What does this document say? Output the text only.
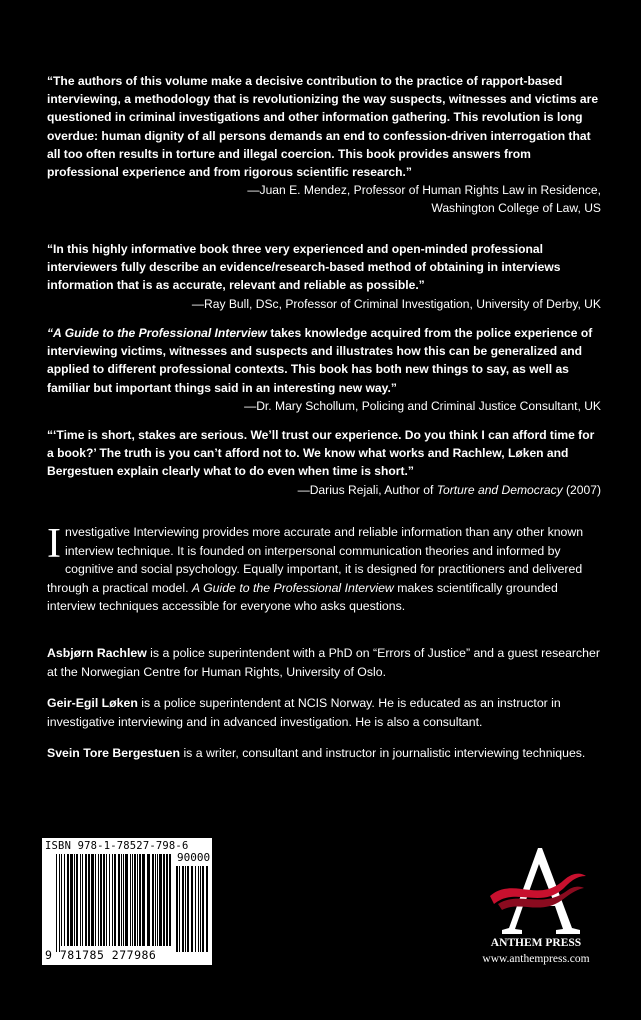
“The authors of this volume make a decisive contribution to the practice of rapport-based interviewing, a methodology that is revolutionizing the way suspects, witnesses and victims are questioned in criminal investigations and other information gathering. This revolution is long overdue: human dignity of all persons demands an end to confession-driven interrogation that all too often results in torture and illegal coercion. This book provides answers from professional experience and from rigorous scientific research.”
—Juan E. Mendez, Professor of Human Rights Law in Residence,
Washington College of Law, US
“In this highly informative book three very experienced and open-minded professional interviewers fully describe an evidence/research-based method of obtaining in interviews information that is as accurate, relevant and reliable as possible.”
—Ray Bull, DSc, Professor of Criminal Investigation, University of Derby, UK
“A Guide to the Professional Interview takes knowledge acquired from the police experience of interviewing victims, witnesses and suspects and illustrates how this can be generalized and applied to different professional contexts. This book has both new things to say, as well as familiar but important things said in an interesting new way.”
—Dr. Mary Schollum, Policing and Criminal Justice Consultant, UK
“‘Time is short, stakes are serious. We’ll trust our experience. Do you think I can afford time for a book?’ The truth is you can’t afford not to. We know what works and Rachlew, Løken and Bergestuen explain clearly what to do even when time is short.”
—Darius Rejali, Author of Torture and Democracy (2007)
Investigative Interviewing provides more accurate and reliable information than any other known interview technique. It is founded on interpersonal communication theories and informed by cognitive and social psychology. Equally important, it is designed for practitioners and delivered through a practical model. A Guide to the Professional Interview makes scientifically grounded interview techniques accessible for everyone who asks questions.
Asbjørn Rachlew is a police superintendent with a PhD on “Errors of Justice” and a guest researcher at the Norwegian Centre for Human Rights, University of Oslo.
Geir-Egil Løken is a police superintendent at NCIS Norway. He is educated as an instructor in investigative interviewing and in advanced investigation. He is also a consultant.
Svein Tore Bergestuen is a writer, consultant and instructor in journalistic interviewing techniques.
ISBN 978-1-78527-798-6
90000
9 781785 277986
ANTHEM PRESS
www.anthempress.com
